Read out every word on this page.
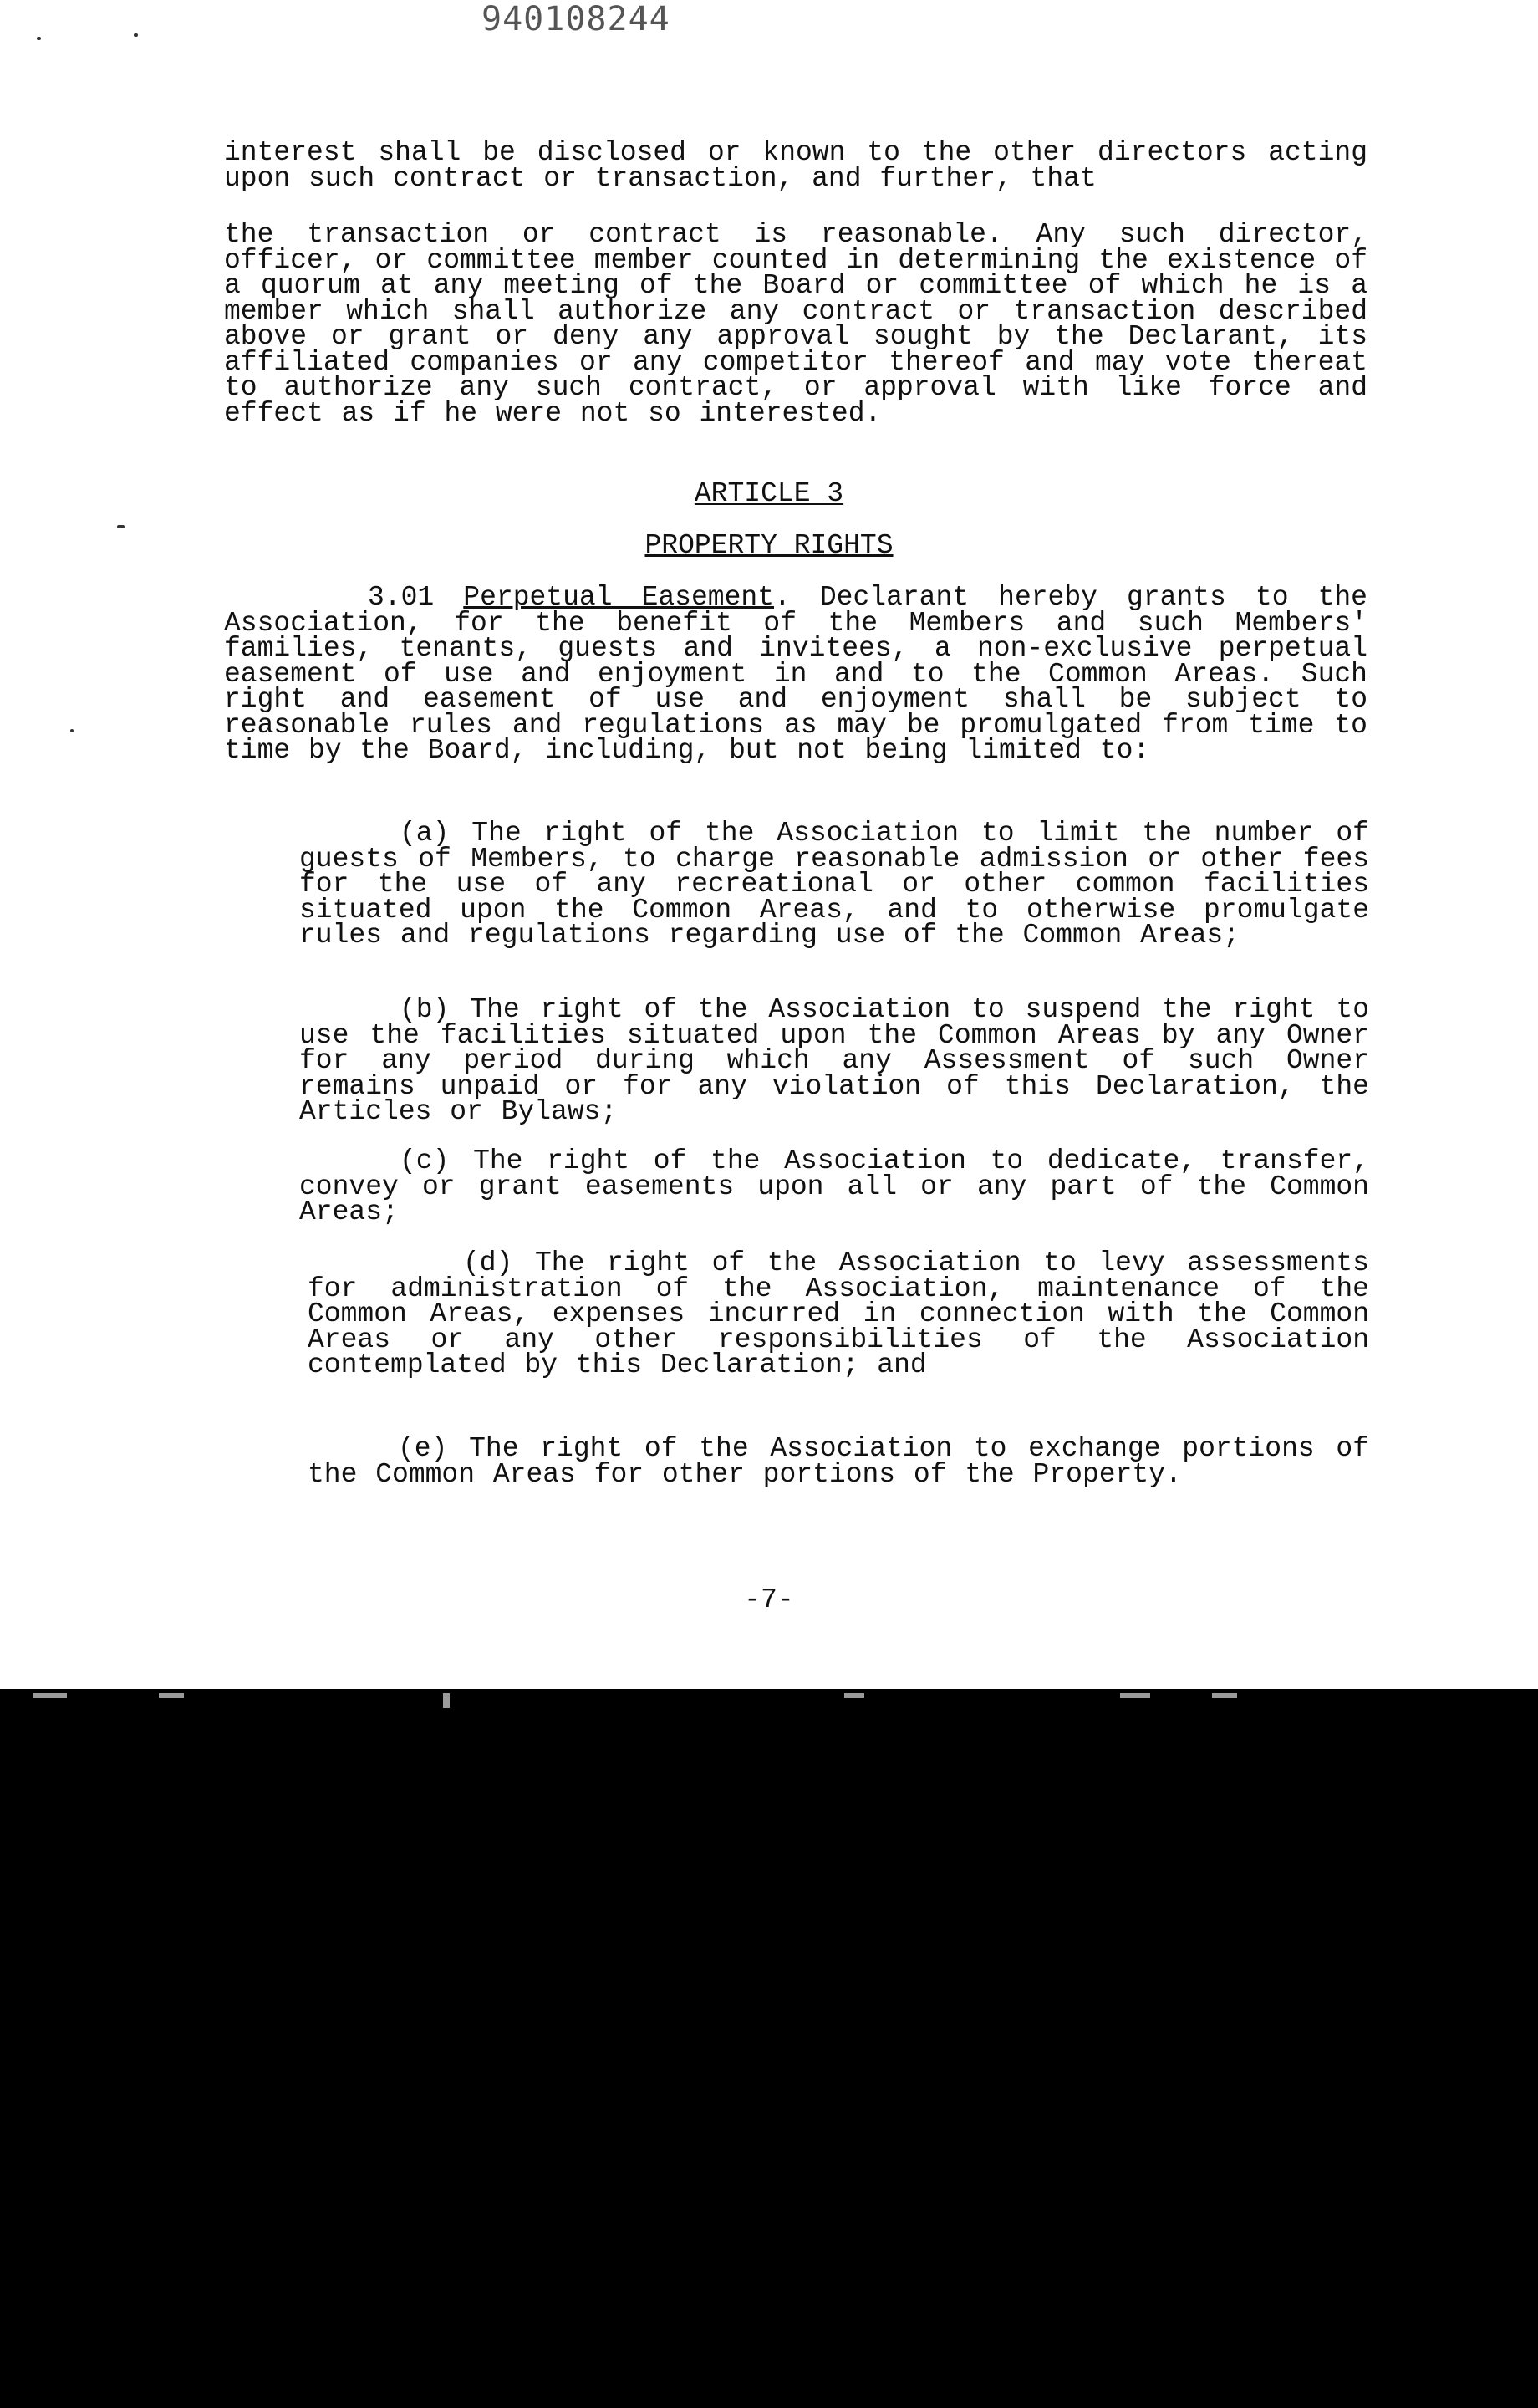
940108244

interest shall be disclosed or known to the other directors acting upon such contract or transaction, and further, that

the transaction or contract is reasonable. Any such director, officer, or committee member counted in determining the existence of a quorum at any meeting of the Board or committee of which he is a member which shall authorize any contract or transaction described above or grant or deny any approval sought by the Declarant, its affiliated companies or any competitor thereof and may vote thereat to authorize any such contract, or approval with like force and effect as if he were not so interested.

ARTICLE 3
PROPERTY RIGHTS

3.01 Perpetual Easement. Declarant hereby grants to the Association, for the benefit of the Members and such Members' families, tenants, guests and invitees, a non-exclusive perpetual easement of use and enjoyment in and to the Common Areas. Such right and easement of use and enjoyment shall be subject to reasonable rules and regulations as may be promulgated from time to time by the Board, including, but not being limited to:

(a) The right of the Association to limit the number of guests of Members, to charge reasonable admission or other fees for the use of any recreational or other common facilities situated upon the Common Areas, and to otherwise promulgate rules and regulations regarding use of the Common Areas;

(b) The right of the Association to suspend the right to use the facilities situated upon the Common Areas by any Owner for any period during which any Assessment of such Owner remains unpaid or for any violation of this Declaration, the Articles or Bylaws;

(c) The right of the Association to dedicate, transfer, convey or grant easements upon all or any part of the Common Areas;

(d) The right of the Association to levy assessments for administration of the Association, maintenance of the Common Areas, expenses incurred in connection with the Common Areas or any other responsibilities of the Association contemplated by this Declaration; and

(e) The right of the Association to exchange portions of the Common Areas for other portions of the Property.

-7-
